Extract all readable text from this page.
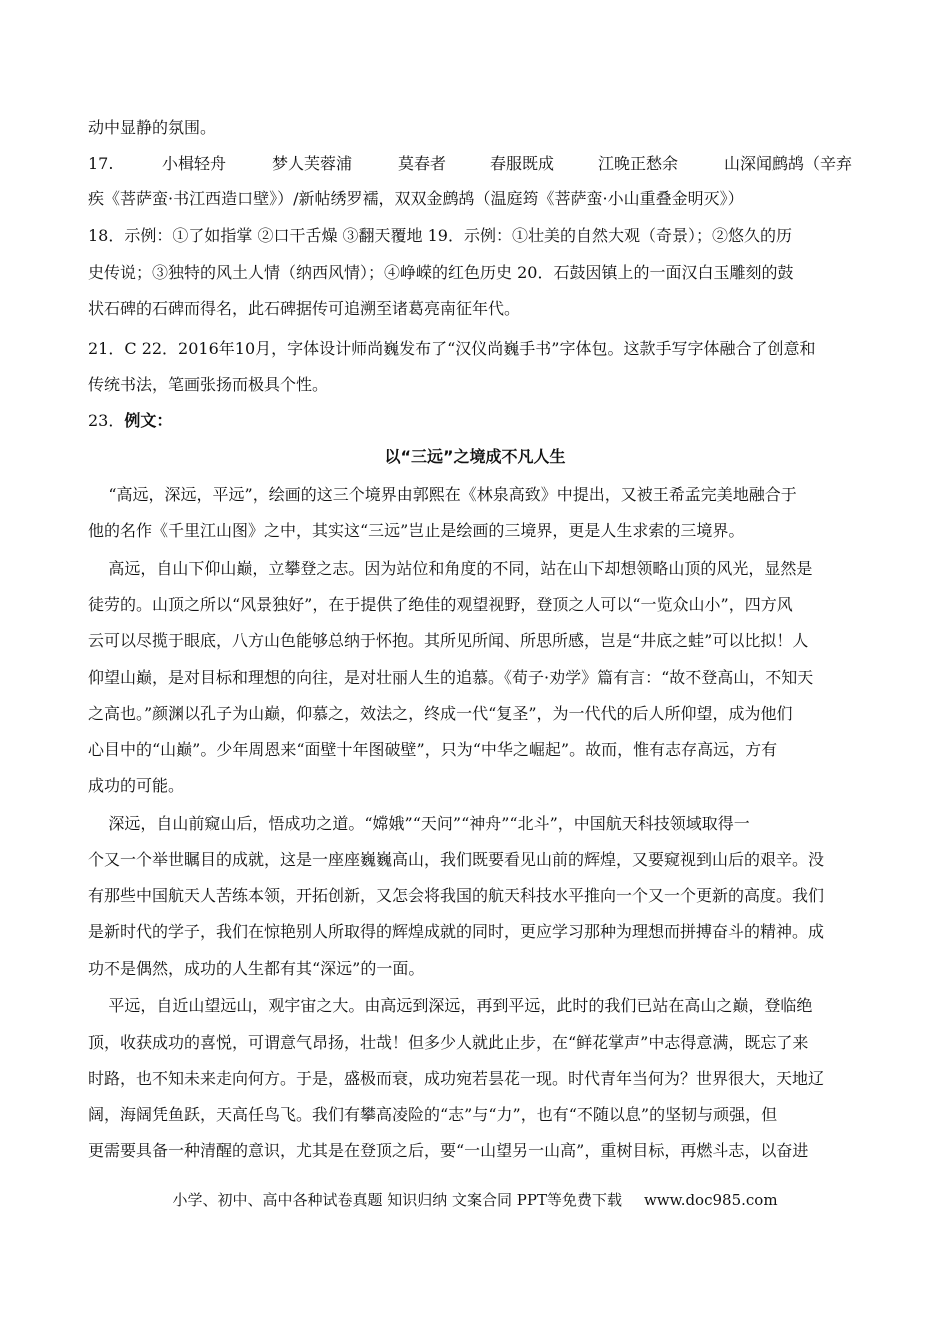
动中显静的氛围。
17.	小楫轻舟	梦人芙蓉浦	莫春者	春服既成	江晚正愁余	山深闻鹧鸪（辛弃
疾《菩萨蛮·书江西造口壁》）/新帖绣罗襦，双双金鹧鸪（温庭筠《菩萨蛮·小山重叠金明灭》）
18．示例：①了如指掌 ②口干舌燥 ③翻天覆地 19．示例：①壮美的自然大观（奇景）；②悠久的历
史传说；③独特的风土人情（纳西风情）；④峥嵘的红色历史 20．石鼓因镇上的一面汉白玉雕刻的鼓
状石碑的石碑而得名，此石碑据传可追溯至诸葛亮南征年代。
21．C 22．2016年10月，字体设计师尚巍发布了“汉仪尚巍手书”字体包。这款手写字体融合了创意和
传统书法，笔画张扬而极具个性。
23．例文：
以“三远”之境成不凡人生
“高远，深远，平远”，绘画的这三个境界由郭熙在《林泉高致》中提出，又被王希孟完美地融合于
他的名作《千里江山图》之中，其实这“三远”岂止是绘画的三境界，更是人生求索的三境界。
高远，自山下仰山巅，立攀登之志。因为站位和角度的不同，站在山下却想领略山顶的风光，显然是
徒劳的。山顶之所以“风景独好”，在于提供了绝佳的观望视野，登顶之人可以“一览众山小”，四方风
云可以尽揽于眼底，八方山色能够总纳于怀抱。其所见所闻、所思所感，岂是“井底之蛙”可以比拟！人
仰望山巅，是对目标和理想的向往，是对壮丽人生的追慕。《荀子·劝学》篇有言：“故不登高山，不知天
之高也。”颜渊以孔子为山巅，仰慕之，效法之，终成一代“复圣”，为一代代的后人所仰望，成为他们
心目中的“山巅”。少年周恩来“面壁十年图破壁”，只为“中华之崛起”。故而，惟有志存高远，方有
成功的可能。
深远，自山前窥山后，悟成功之道。“嫦娥”“天问”“神舟”“北斗”，中国航天科技领域取得一
个又一个举世瞩目的成就，这是一座座巍巍高山，我们既要看见山前的辉煌，又要窥视到山后的艰辛。没
有那些中国航天人苦练本领，开拓创新，又怎会将我国的航天科技水平推向一个又一个更新的高度。我们
是新时代的学子，我们在惊艳别人所取得的辉煌成就的同时，更应学习那种为理想而拼搏奋斗的精神。成
功不是偶然，成功的人生都有其“深远”的一面。
平远，自近山望远山，观宇宙之大。由高远到深远，再到平远，此时的我们已站在高山之巅，登临绝
顶，收获成功的喜悦，可谓意气昂扬，壮哉！但多少人就此止步，在“鲜花掌声”中志得意满，既忘了来
时路，也不知未来走向何方。于是，盛极而衰，成功宛若昙花一现。时代青年当何为？世界很大，天地辽
阔，海阔凭鱼跃，天高任鸟飞。我们有攀高凌险的“志”与“力”，也有“不随以息”的坚韧与顽强，但
更需要具备一种清醒的意识，尤其是在登顶之后，要“一山望另一山高”，重树目标，再燃斗志，以奋进
小学、初中、高中各种试卷真题 知识归纳 文案合同 PPT等免费下载 www.doc985.com
